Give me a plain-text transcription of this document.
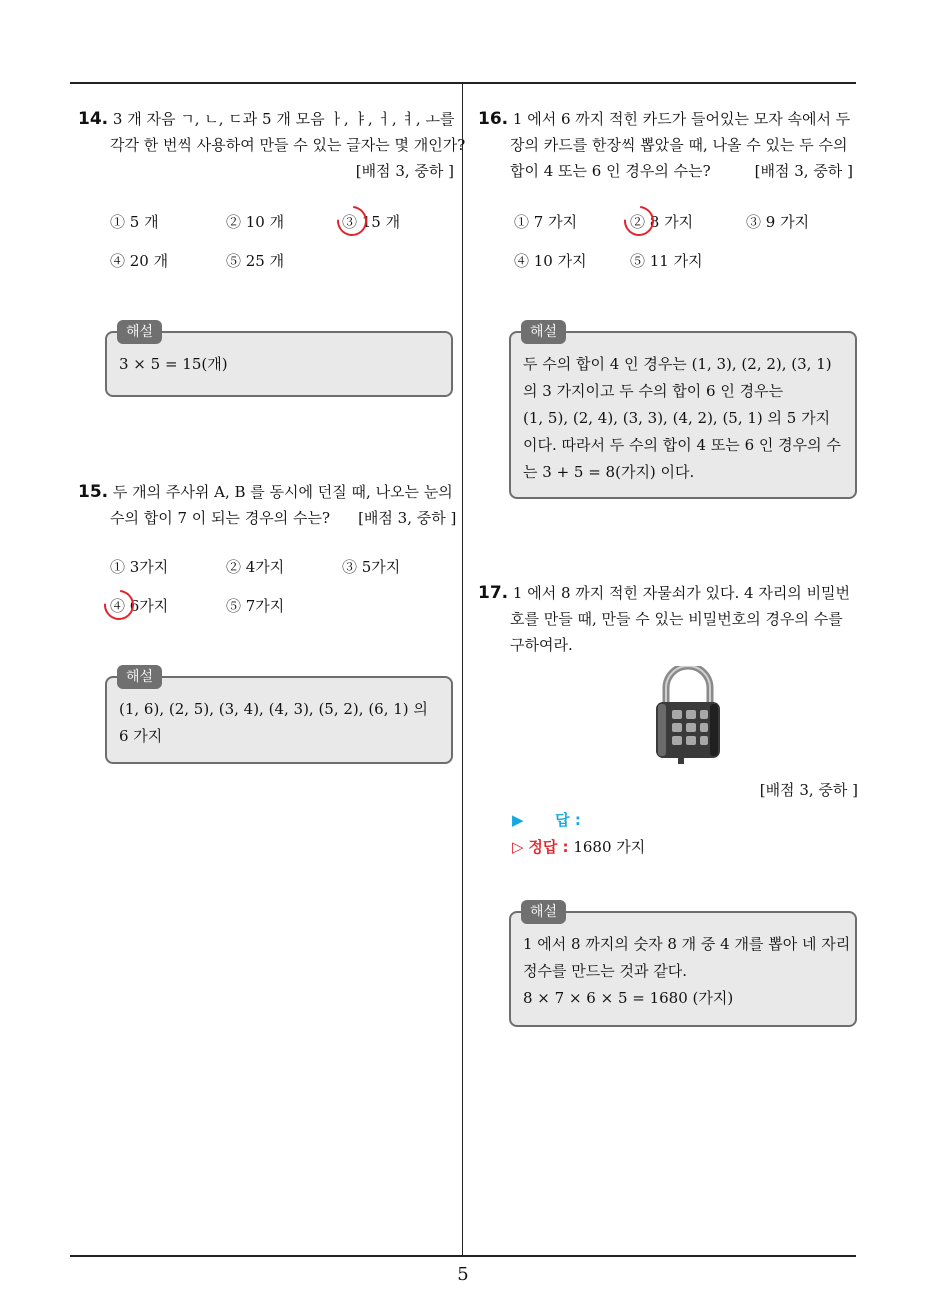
14. 3 개 자음 ㄱ, ㄴ, ㄷ과 5 개 모음 ㅏ, ㅑ, ㅓ, ㅕ, ㅗ를
각각 한 번씩 사용하여 만들 수 있는 글자는 몇 개인가?
[배점 3, 중하 ]
① 5 개	② 10 개	③ 15 개
④ 20 개	⑤ 25 개
3 × 5 = 15(개)
해설
15. 두 개의 주사위 A, B 를 동시에 던질 때, 나오는 눈의
수의 합이 7 이 되는 경우의 수는? [배점 3, 중하 ]
① 3가지	② 4가지	③ 5가지
④ 6가지	⑤ 7가지
(1, 6), (2, 5), (3, 4), (4, 3), (5, 2), (6, 1) 의
6 가지
해설
16. 1 에서 6 까지 적힌 카드가 들어있는 모자 속에서 두
장의 카드를 한장씩 뽑았을 때, 나올 수 있는 두 수의
합이 4 또는 6 인 경우의 수는?	[배점 3, 중하 ]
① 7 가지	② 8 가지	③ 9 가지
④ 10 가지	⑤ 11 가지
두 수의 합이 4 인 경우는 (1, 3), (2, 2), (3, 1)
의 3 가지이고 두 수의 합이 6 인 경우는
(1, 5), (2, 4), (3, 3), (4, 2), (5, 1) 의 5 가지
이다. 따라서 두 수의 합이 4 또는 6 인 경우의 수
는 3 + 5 = 8(가지) 이다.
해설
17. 1 에서 8 까지 적힌 자물쇠가 있다. 4 자리의 비밀번
호를 만들 때, 만들 수 있는 비밀번호의 경우의 수를
구하여라.
[배점 3, 중하 ]
▶ 답 :
▷ 정답 : 1680 가지
1 에서 8 까지의 숫자 8 개 중 4 개를 뽑아 네 자리
정수를 만드는 것과 같다.
8 × 7 × 6 × 5 = 1680 (가지)
해설
5
